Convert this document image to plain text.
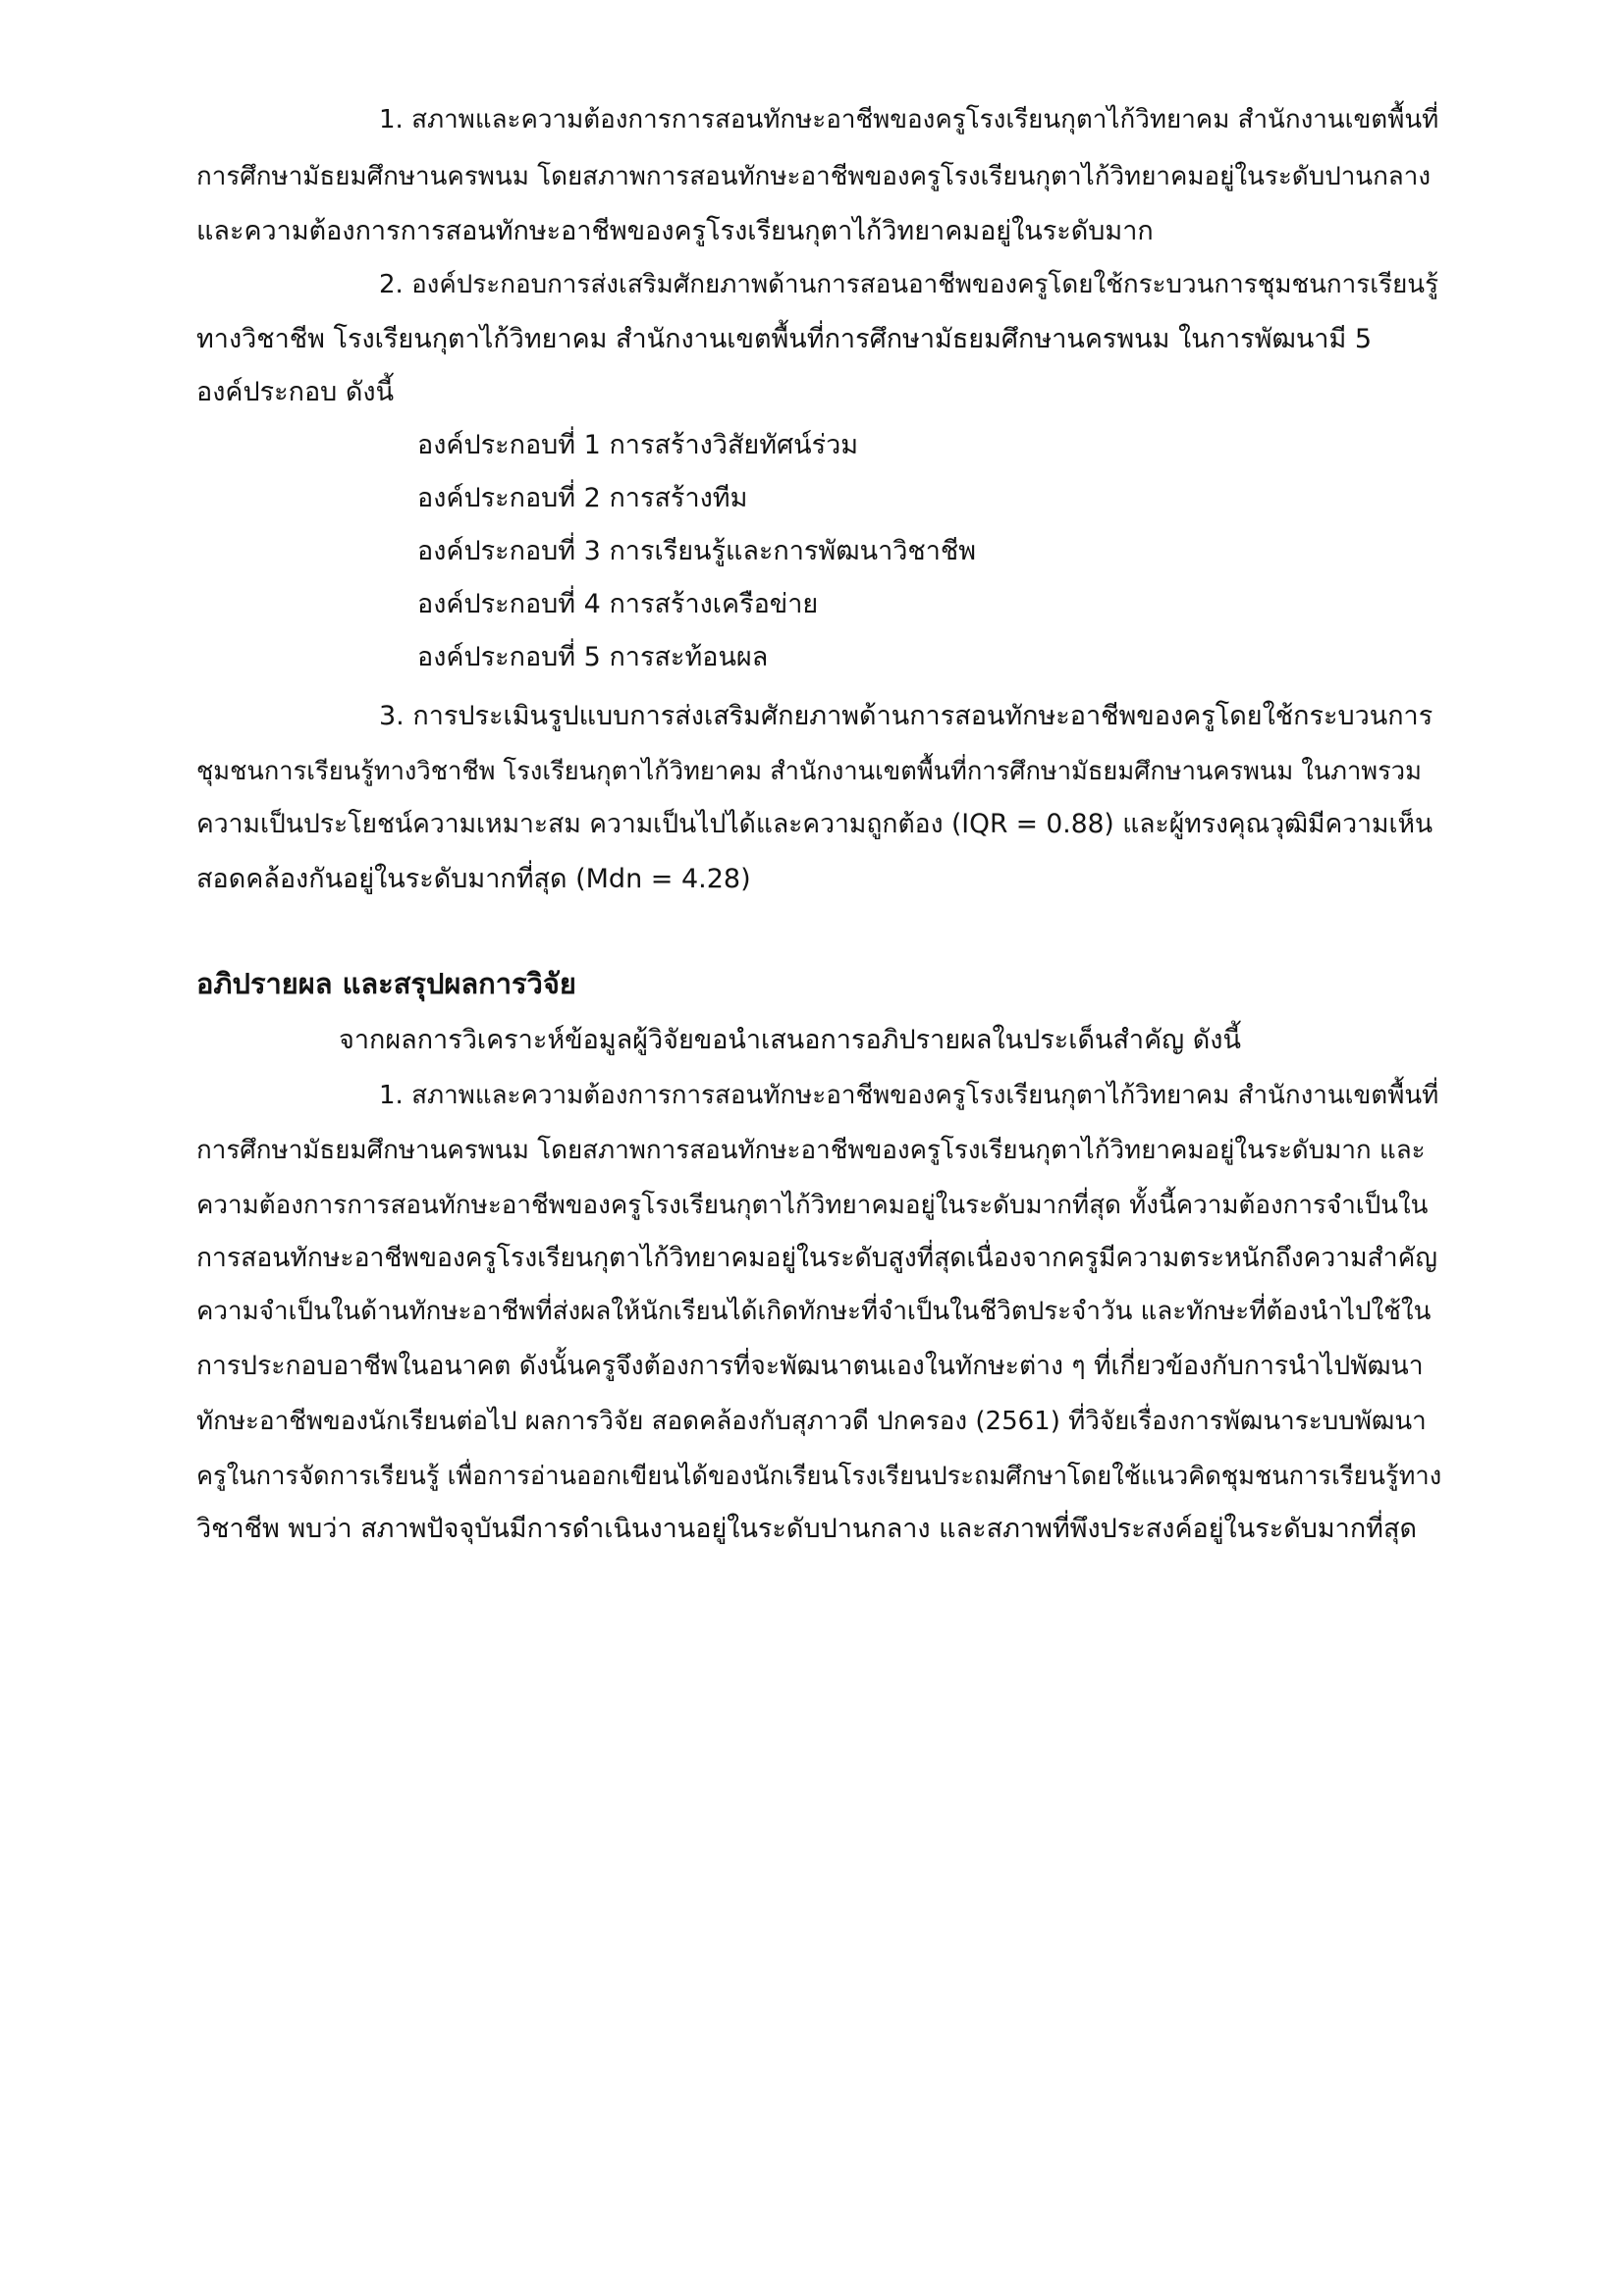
1. สภาพและความต้องการการสอนทักษะอาชีพของครูโรงเรียนกุตาไก้วิทยาคม สำนักงานเขตพื้นที่
การศึกษามัธยมศึกษานครพนม โดยสภาพการสอนทักษะอาชีพของครูโรงเรียนกุตาไก้วิทยาคมอยู่ในระดับปานกลาง
และความต้องการการสอนทักษะอาชีพของครูโรงเรียนกุตาไก้วิทยาคมอยู่ในระดับมาก
2. องค์ประกอบการส่งเสริมศักยภาพด้านการสอนอาชีพของครูโดยใช้กระบวนการชุมชนการเรียนรู้
ทางวิชาชีพ โรงเรียนกุตาไก้วิทยาคม สำนักงานเขตพื้นที่การศึกษามัธยมศึกษานครพนม ในการพัฒนามี 5
องค์ประกอบ ดังนี้
องค์ประกอบที่ 1 การสร้างวิสัยทัศน์ร่วม
องค์ประกอบที่ 2 การสร้างทีม
องค์ประกอบที่ 3 การเรียนรู้และการพัฒนาวิชาชีพ
องค์ประกอบที่ 4 การสร้างเครือข่าย
องค์ประกอบที่ 5 การสะท้อนผล
3. การประเมินรูปแบบการส่งเสริมศักยภาพด้านการสอนทักษะอาชีพของครูโดยใช้กระบวนการ
ชุมชนการเรียนรู้ทางวิชาชีพ โรงเรียนกุตาไก้วิทยาคม สำนักงานเขตพื้นที่การศึกษามัธยมศึกษานครพนม ในภาพรวม
ความเป็นประโยชน์ความเหมาะสม ความเป็นไปได้และความถูกต้อง (IQR = 0.88) และผู้ทรงคุณวุฒิมีความเห็น
สอดคล้องกันอยู่ในระดับมากที่สุด (Mdn = 4.28)
อภิปรายผล และสรุปผลการวิจัย
จากผลการวิเคราะห์ข้อมูลผู้วิจัยขอนำเสนอการอภิปรายผลในประเด็นสำคัญ ดังนี้
1. สภาพและความต้องการการสอนทักษะอาชีพของครูโรงเรียนกุตาไก้วิทยาคม สำนักงานเขตพื้นที่
การศึกษามัธยมศึกษานครพนม โดยสภาพการสอนทักษะอาชีพของครูโรงเรียนกุตาไก้วิทยาคมอยู่ในระดับมาก และ
ความต้องการการสอนทักษะอาชีพของครูโรงเรียนกุตาไก้วิทยาคมอยู่ในระดับมากที่สุด ทั้งนี้ความต้องการจำเป็นใน
การสอนทักษะอาชีพของครูโรงเรียนกุตาไก้วิทยาคมอยู่ในระดับสูงที่สุดเนื่องจากครูมีความตระหนักถึงความสำคัญ
ความจำเป็นในด้านทักษะอาชีพที่ส่งผลให้นักเรียนได้เกิดทักษะที่จำเป็นในชีวิตประจำวัน และทักษะที่ต้องนำไปใช้ใน
การประกอบอาชีพในอนาคต ดังนั้นครูจึงต้องการที่จะพัฒนาตนเองในทักษะต่าง ๆ ที่เกี่ยวข้องกับการนำไปพัฒนา
ทักษะอาชีพของนักเรียนต่อไป ผลการวิจัย สอดคล้องกับสุภาวดี ปกครอง (2561) ที่วิจัยเรื่องการพัฒนาระบบพัฒนา
ครูในการจัดการเรียนรู้ เพื่อการอ่านออกเขียนได้ของนักเรียนโรงเรียนประถมศึกษาโดยใช้แนวคิดชุมชนการเรียนรู้ทาง
วิชาชีพ พบว่า สภาพปัจจุบันมีการดำเนินงานอยู่ในระดับปานกลาง และสภาพที่พึงประสงค์อยู่ในระดับมากที่สุด
